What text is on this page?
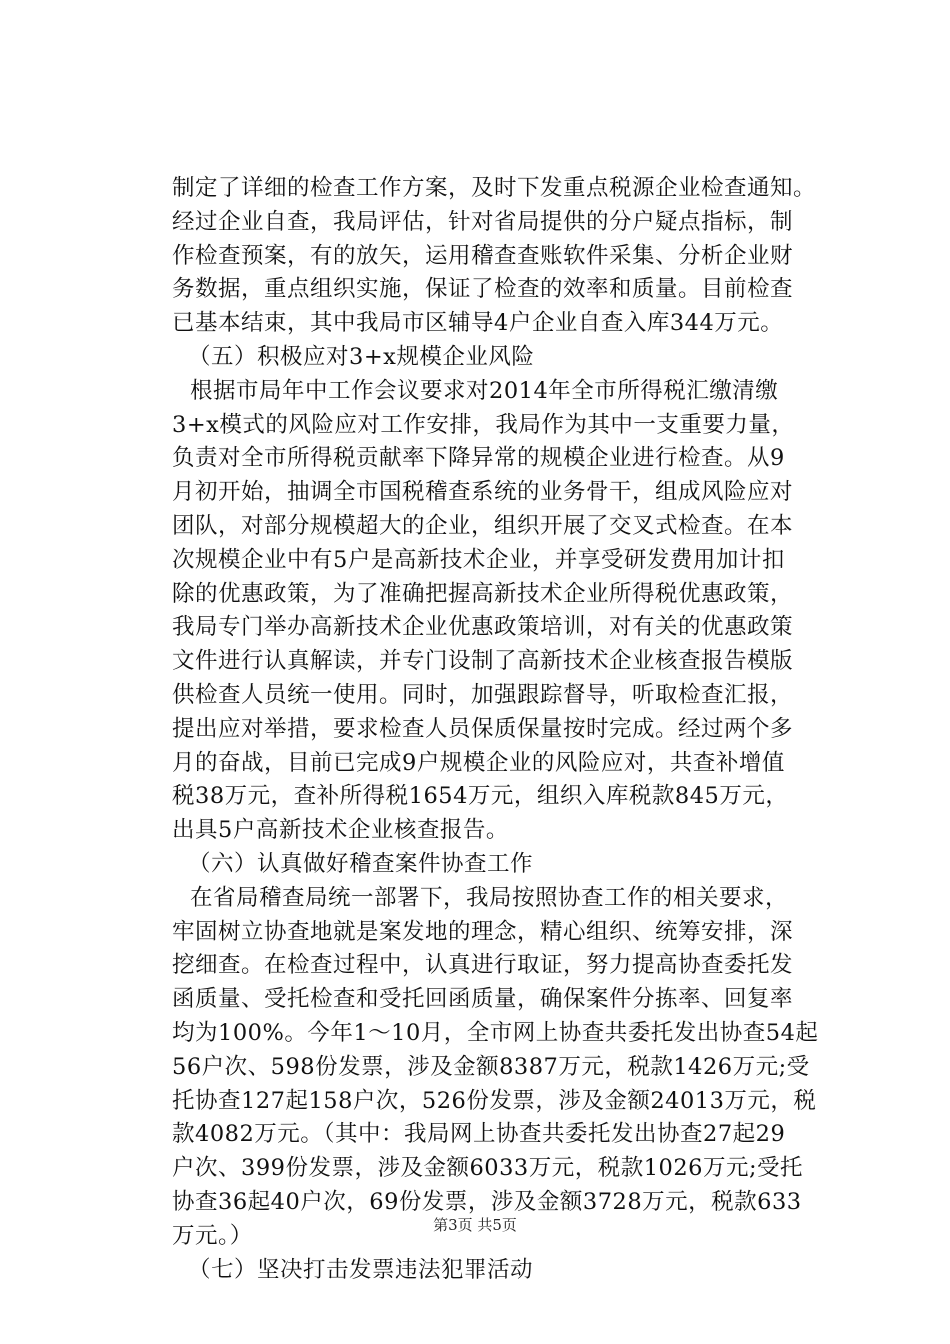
制定了详细的检查工作方案，及时下发重点税源企业检查通知。
经过企业自查，我局评估，针对省局提供的分户疑点指标，制
作检查预案，有的放矢，运用稽查查账软件采集、分析企业财
务数据，重点组织实施，保证了检查的效率和质量。目前检查
已基本结束，其中我局市区辅导4户企业自查入库344万元。
（五）积极应对3+x规模企业风险
根据市局年中工作会议要求对2014年全市所得税汇缴清缴
3+x模式的风险应对工作安排，我局作为其中一支重要力量，
负责对全市所得税贡献率下降异常的规模企业进行检查。从9
月初开始，抽调全市国税稽查系统的业务骨干，组成风险应对
团队，对部分规模超大的企业，组织开展了交叉式检查。在本
次规模企业中有5户是高新技术企业，并享受研发费用加计扣
除的优惠政策，为了准确把握高新技术企业所得税优惠政策，
我局专门举办高新技术企业优惠政策培训，对有关的优惠政策
文件进行认真解读，并专门设制了高新技术企业核查报告模版
供检查人员统一使用。同时，加强跟踪督导，听取检查汇报，
提出应对举措，要求检查人员保质保量按时完成。经过两个多
月的奋战，目前已完成9户规模企业的风险应对，共查补增值
税38万元，查补所得税1654万元，组织入库税款845万元，
出具5户高新技术企业核查报告。
（六）认真做好稽查案件协查工作
在省局稽查局统一部署下，我局按照协查工作的相关要求，
牢固树立协查地就是案发地的理念，精心组织、统筹安排，深
挖细查。在检查过程中，认真进行取证，努力提高协查委托发
函质量、受托检查和受托回函质量，确保案件分拣率、回复率
均为100%。今年1～10月，全市网上协查共委托发出协查54起
56户次、598份发票，涉及金额8387万元，税款1426万元;受
托协查127起158户次，526份发票，涉及金额24013万元，税
款4082万元。（其中：我局网上协查共委托发出协查27起29
户次、399份发票，涉及金额6033万元，税款1026万元;受托
协查36起40户次，69份发票，涉及金额3728万元，税款633
万元。）
（七）坚决打击发票违法犯罪活动
第3页 共5页
